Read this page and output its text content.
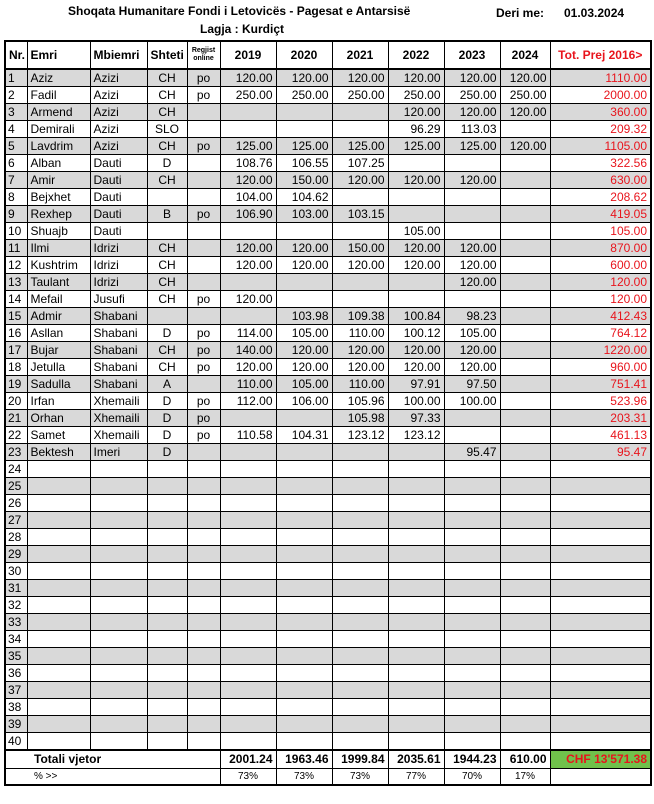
Shoqata Humanitare Fondi i Letovicës - Pagesat e Antarsisë
Lagja : Kurdiçt
Deri me: 01.03.2024
Nr.	Emri	Mbiemri	Shteti	Regjist online	2019	2020	2021	2022	2023	2024	Tot. Prej 2016>
1	Aziz	Azizi	CH	po	120.00	120.00	120.00	120.00	120.00	120.00	1110.00
2	Fadil	Azizi	CH	po	250.00	250.00	250.00	250.00	250.00	250.00	2000.00
3	Armend	Azizi	CH					120.00	120.00	120.00	360.00
4	Demirali	Azizi	SLO					96.29	113.03		209.32
5	Lavdrim	Azizi	CH	po	125.00	125.00	125.00	125.00	125.00	120.00	1105.00
6	Alban	Dauti	D		108.76	106.55	107.25				322.56
7	Amir	Dauti	CH		120.00	150.00	120.00	120.00	120.00		630.00
8	Bejxhet	Dauti			104.00	104.62					208.62
9	Rexhep	Dauti	B	po	106.90	103.00	103.15				419.05
10	Shuajb	Dauti						105.00			105.00
11	Ilmi	Idrizi	CH		120.00	120.00	150.00	120.00	120.00		870.00
12	Kushtrim	Idrizi	CH		120.00	120.00	120.00	120.00	120.00		600.00
13	Taulant	Idrizi	CH						120.00		120.00
14	Mefail	Jusufi	CH	po	120.00						120.00
15	Admir	Shabani				103.98	109.38	100.84	98.23		412.43
16	Asllan	Shabani	D	po	114.00	105.00	110.00	100.12	105.00		764.12
17	Bujar	Shabani	CH	po	140.00	120.00	120.00	120.00	120.00		1220.00
18	Jetulla	Shabani	CH	po	120.00	120.00	120.00	120.00	120.00		960.00
19	Sadulla	Shabani	A		110.00	105.00	110.00	97.91	97.50		751.41
20	Irfan	Xhemaili	D	po	112.00	106.00	105.96	100.00	100.00		523.96
21	Orhan	Xhemaili	D	po			105.98	97.33			203.31
22	Samet	Xhemaili	D	po	110.58	104.31	123.12	123.12			461.13
23	Bektesh	Imeri	D						95.47		95.47
24											
25											
26											
27											
28											
29											
30											
31											
32											
33											
34											
35											
36											
37											
38											
39											
40											
Totali vjetor					2001.24	1963.46	1999.84	2035.61	1944.23	610.00	CHF 13'571.38
% >>					73%	73%	73%	77%	70%	17%	
